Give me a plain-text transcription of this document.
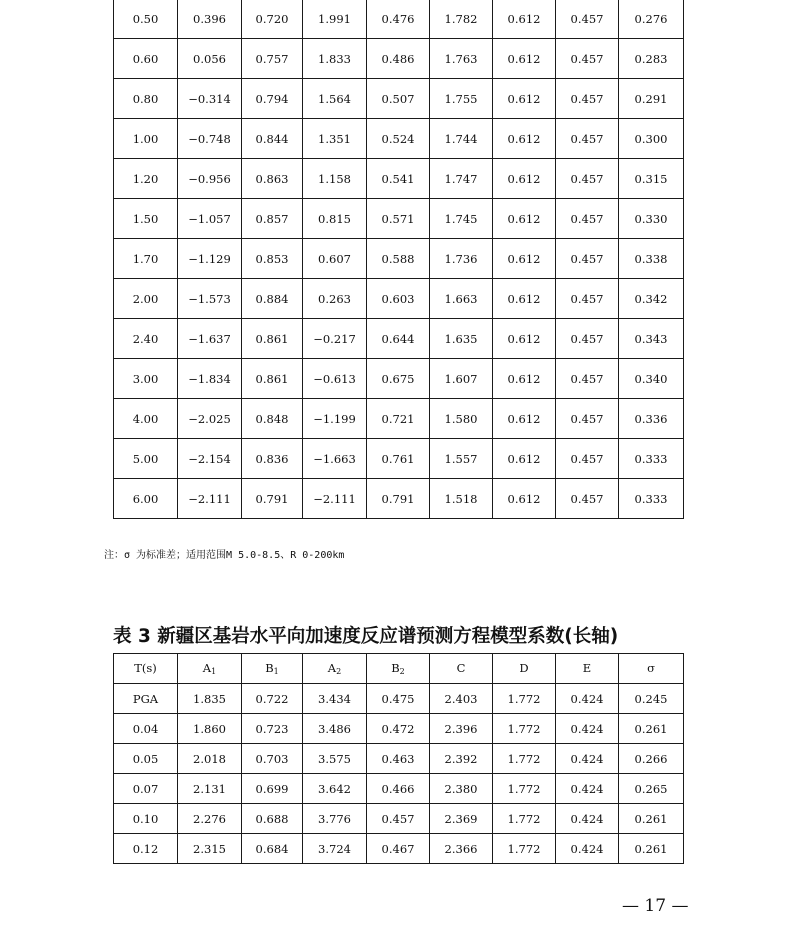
0.50	0.396	0.720	1.991	0.476	1.782	0.612	0.457	0.276
0.60	0.056	0.757	1.833	0.486	1.763	0.612	0.457	0.283
0.80	−0.314	0.794	1.564	0.507	1.755	0.612	0.457	0.291
1.00	−0.748	0.844	1.351	0.524	1.744	0.612	0.457	0.300
1.20	−0.956	0.863	1.158	0.541	1.747	0.612	0.457	0.315
1.50	−1.057	0.857	0.815	0.571	1.745	0.612	0.457	0.330
1.70	−1.129	0.853	0.607	0.588	1.736	0.612	0.457	0.338
2.00	−1.573	0.884	0.263	0.603	1.663	0.612	0.457	0.342
2.40	−1.637	0.861	−0.217	0.644	1.635	0.612	0.457	0.343
3.00	−1.834	0.861	−0.613	0.675	1.607	0.612	0.457	0.340
4.00	−2.025	0.848	−1.199	0.721	1.580	0.612	0.457	0.336
5.00	−2.154	0.836	−1.663	0.761	1.557	0.612	0.457	0.333
6.00	−2.111	0.791	−2.111	0.791	1.518	0.612	0.457	0.333
注：σ 为标准差；适用范围M 5.0-8.5、R 0-200km
表 3 新疆区基岩水平向加速度反应谱预测方程模型系数(长轴)
T(s)	$A_1$	$B_1$	$A_2$	$B_2$	C	D	E	σ
PGA	1.835	0.722	3.434	0.475	2.403	1.772	0.424	0.245
0.04	1.860	0.723	3.486	0.472	2.396	1.772	0.424	0.261
0.05	2.018	0.703	3.575	0.463	2.392	1.772	0.424	0.266
0.07	2.131	0.699	3.642	0.466	2.380	1.772	0.424	0.265
0.10	2.276	0.688	3.776	0.457	2.369	1.772	0.424	0.261
0.12	2.315	0.684	3.724	0.467	2.366	1.772	0.424	0.261
— 17 —
